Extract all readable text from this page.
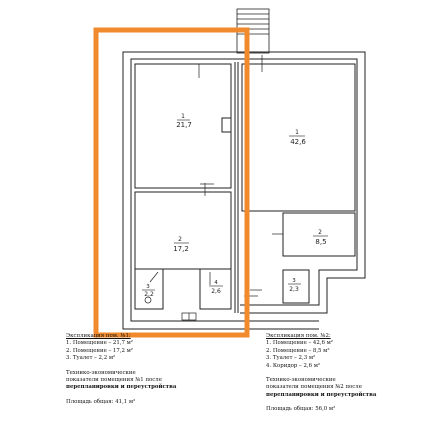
1
21,7
2
17,2
3
2,2
4
2,6
1
42,6
2
8,5
3
2,3
Экспликация пом. №1:
1. Помещение – 21,7 м²
2. Помещение – 17,2 м²
3. Туалет – 2,2 м²
Технико-экономические
показатели помещения №1 после
перепланировки и переустройства
Площадь общая: 41,1 м²
Экспликация пом. №2:
1. Помещение – 42,6 м²
2. Помещение – 8,5 м²
3. Туалет – 2,3 м²
4. Коридор – 2,6 м²
Технико-экономические
показатели помещения №2 после
перепланировки и переустройства
Площадь общая: 56,0 м²
